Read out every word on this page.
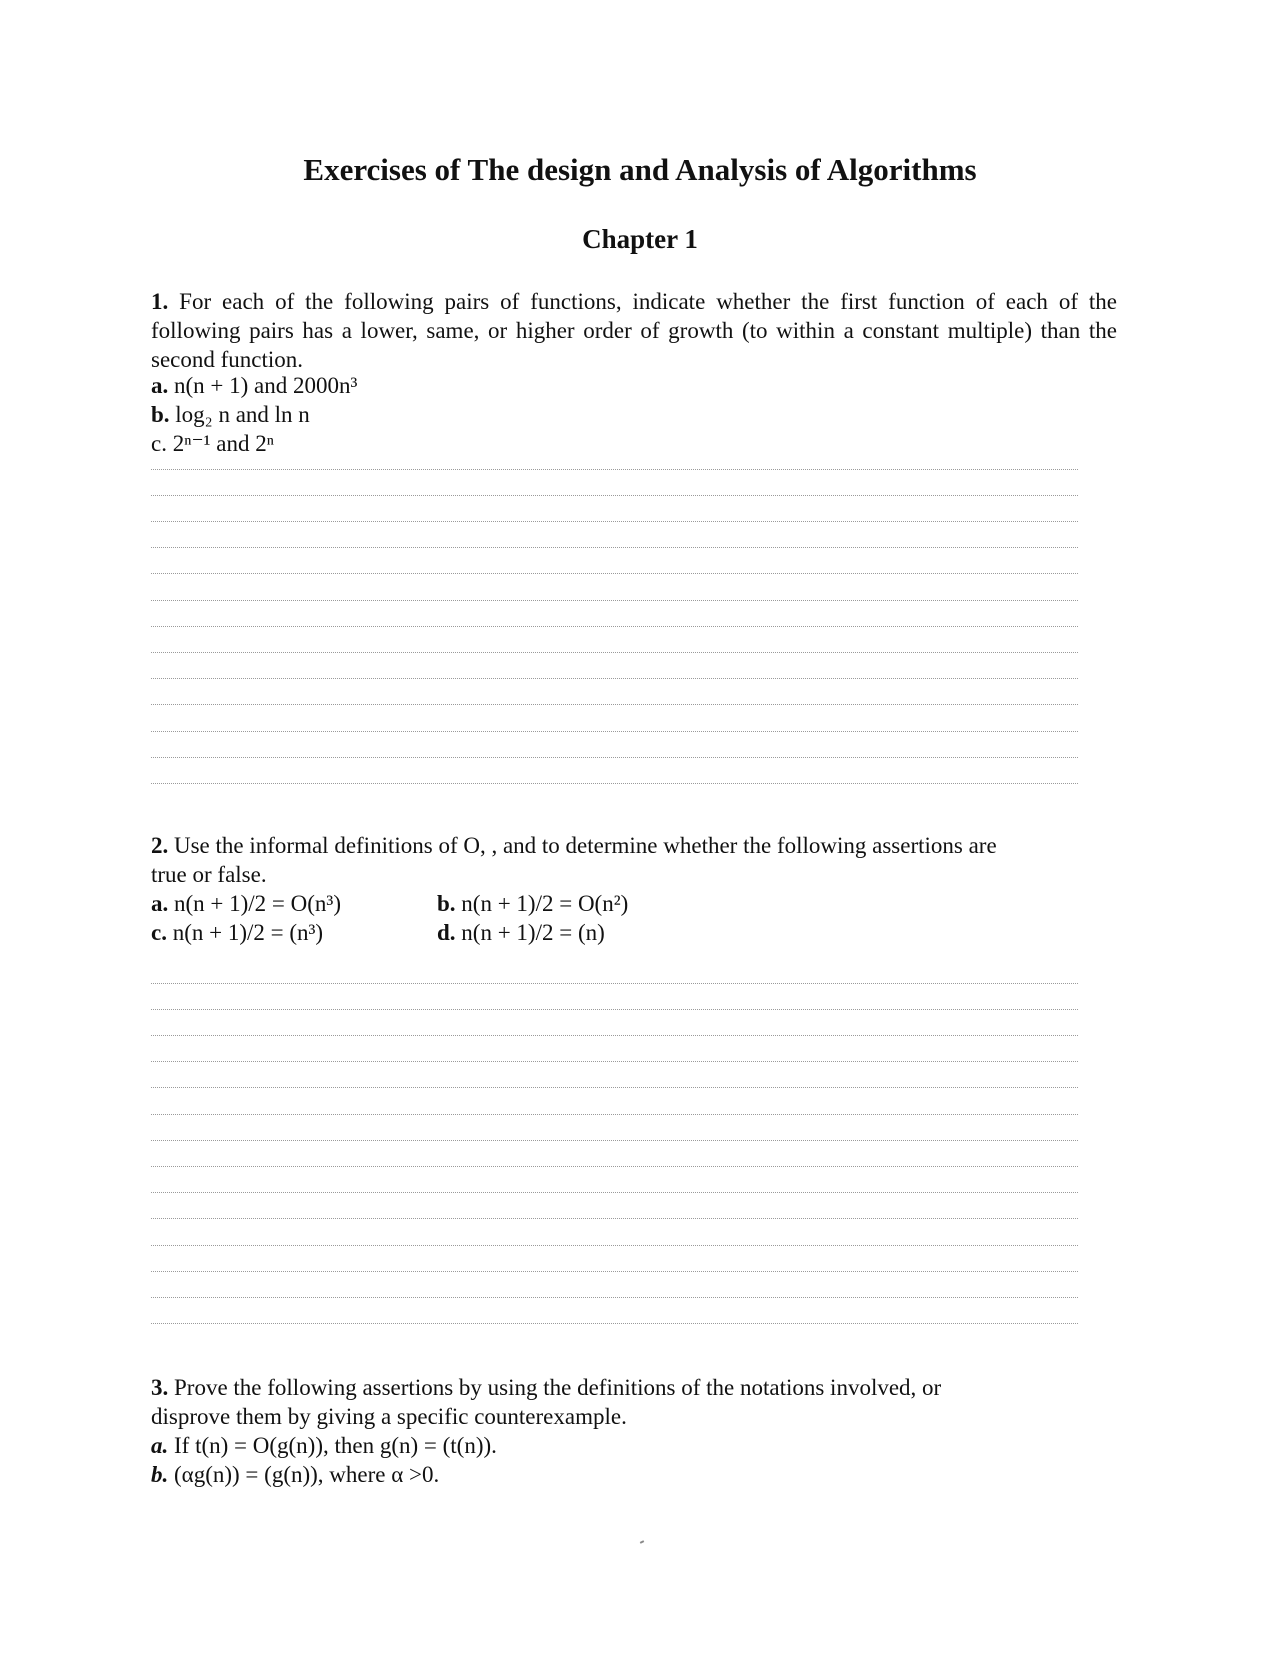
Exercises of The design and Analysis of Algorithms
Chapter 1
1. For each of the following pairs of functions, indicate whether the first function of each of the following pairs has a lower, same, or higher order of growth (to within a constant multiple) than the second function.
a. n(n + 1) and 2000n³
b. log₂ n and ln n
c. 2ⁿ⁻¹ and 2ⁿ
2. Use the informal definitions of O, , and to determine whether the following assertions are
true or false.
a. n(n + 1)/2 = O(n³)
c. n(n + 1)/2 = (n³)
b. n(n + 1)/2 = O(n²)
d. n(n + 1)/2 = (n)
3. Prove the following assertions by using the definitions of the notations involved, or
disprove them by giving a specific counterexample.
a. If t(n) = O(g(n)), then g(n) = (t(n)).
b. (αg(n)) = (g(n)), where α >0.
